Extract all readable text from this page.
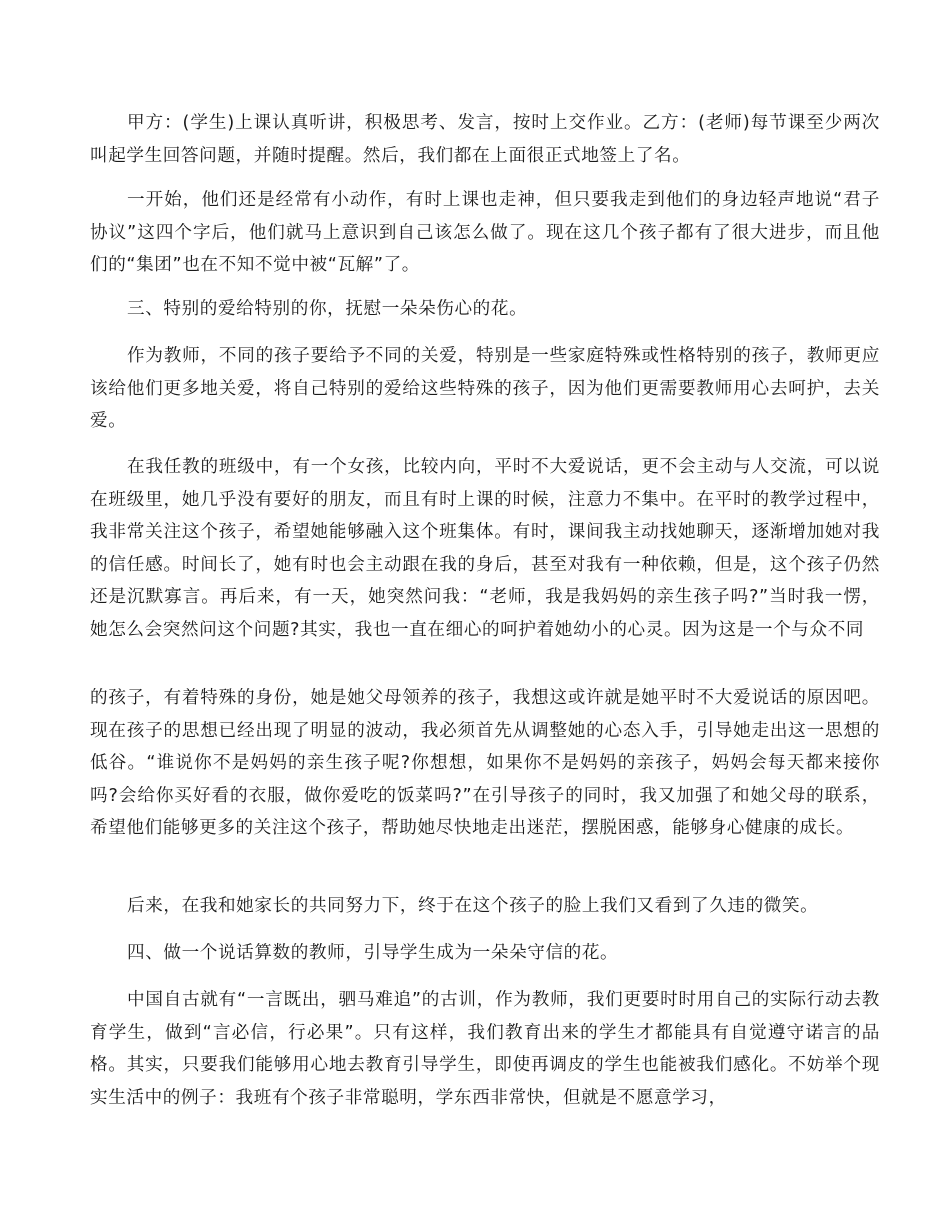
甲方：(学生)上课认真听讲，积极思考、发言，按时上交作业。乙方：(老师)每节课至少两次叫起学生回答问题，并随时提醒。然后，我们都在上面很正式地签上了名。

一开始，他们还是经常有小动作，有时上课也走神，但只要我走到他们的身边轻声地说“君子协议”这四个字后，他们就马上意识到自己该怎么做了。现在这几个孩子都有了很大进步，而且他们的“集团”也在不知不觉中被“瓦解”了。

三、特别的爱给特别的你，抚慰一朵朵伤心的花。

作为教师，不同的孩子要给予不同的关爱，特别是一些家庭特殊或性格特别的孩子，教师更应该给他们更多地关爱，将自己特别的爱给这些特殊的孩子，因为他们更需要教师用心去呵护，去关爱。

在我任教的班级中，有一个女孩，比较内向，平时不大爱说话，更不会主动与人交流，可以说在班级里，她几乎没有要好的朋友，而且有时上课的时候，注意力不集中。在平时的教学过程中，我非常关注这个孩子，希望她能够融入这个班集体。有时，课间我主动找她聊天，逐渐增加她对我的信任感。时间长了，她有时也会主动跟在我的身后，甚至对我有一种依赖，但是，这个孩子仍然还是沉默寡言。再后来，有一天，她突然问我：“老师，我是我妈妈的亲生孩子吗?”当时我一愣，她怎么会突然问这个问题?其实，我也一直在细心的呵护着她幼小的心灵。因为这是一个与众不同

的孩子，有着特殊的身份，她是她父母领养的孩子，我想这或许就是她平时不大爱说话的原因吧。现在孩子的思想已经出现了明显的波动，我必须首先从调整她的心态入手，引导她走出这一思想的低谷。“谁说你不是妈妈的亲生孩子呢?你想想，如果你不是妈妈的亲孩子，妈妈会每天都来接你吗?会给你买好看的衣服，做你爱吃的饭菜吗?”在引导孩子的同时，我又加强了和她父母的联系，希望他们能够更多的关注这个孩子，帮助她尽快地走出迷茫，摆脱困惑，能够身心健康的成长。

后来，在我和她家长的共同努力下，终于在这个孩子的脸上我们又看到了久违的微笑。

四、做一个说话算数的教师，引导学生成为一朵朵守信的花。

中国自古就有“一言既出，驷马难追”的古训，作为教师，我们更要时时用自己的实际行动去教育学生，做到“言必信，行必果”。只有这样，我们教育出来的学生才都能具有自觉遵守诺言的品格。其实，只要我们能够用心地去教育引导学生，即使再调皮的学生也能被我们感化。不妨举个现实生活中的例子：我班有个孩子非常聪明，学东西非常快，但就是不愿意学习，
